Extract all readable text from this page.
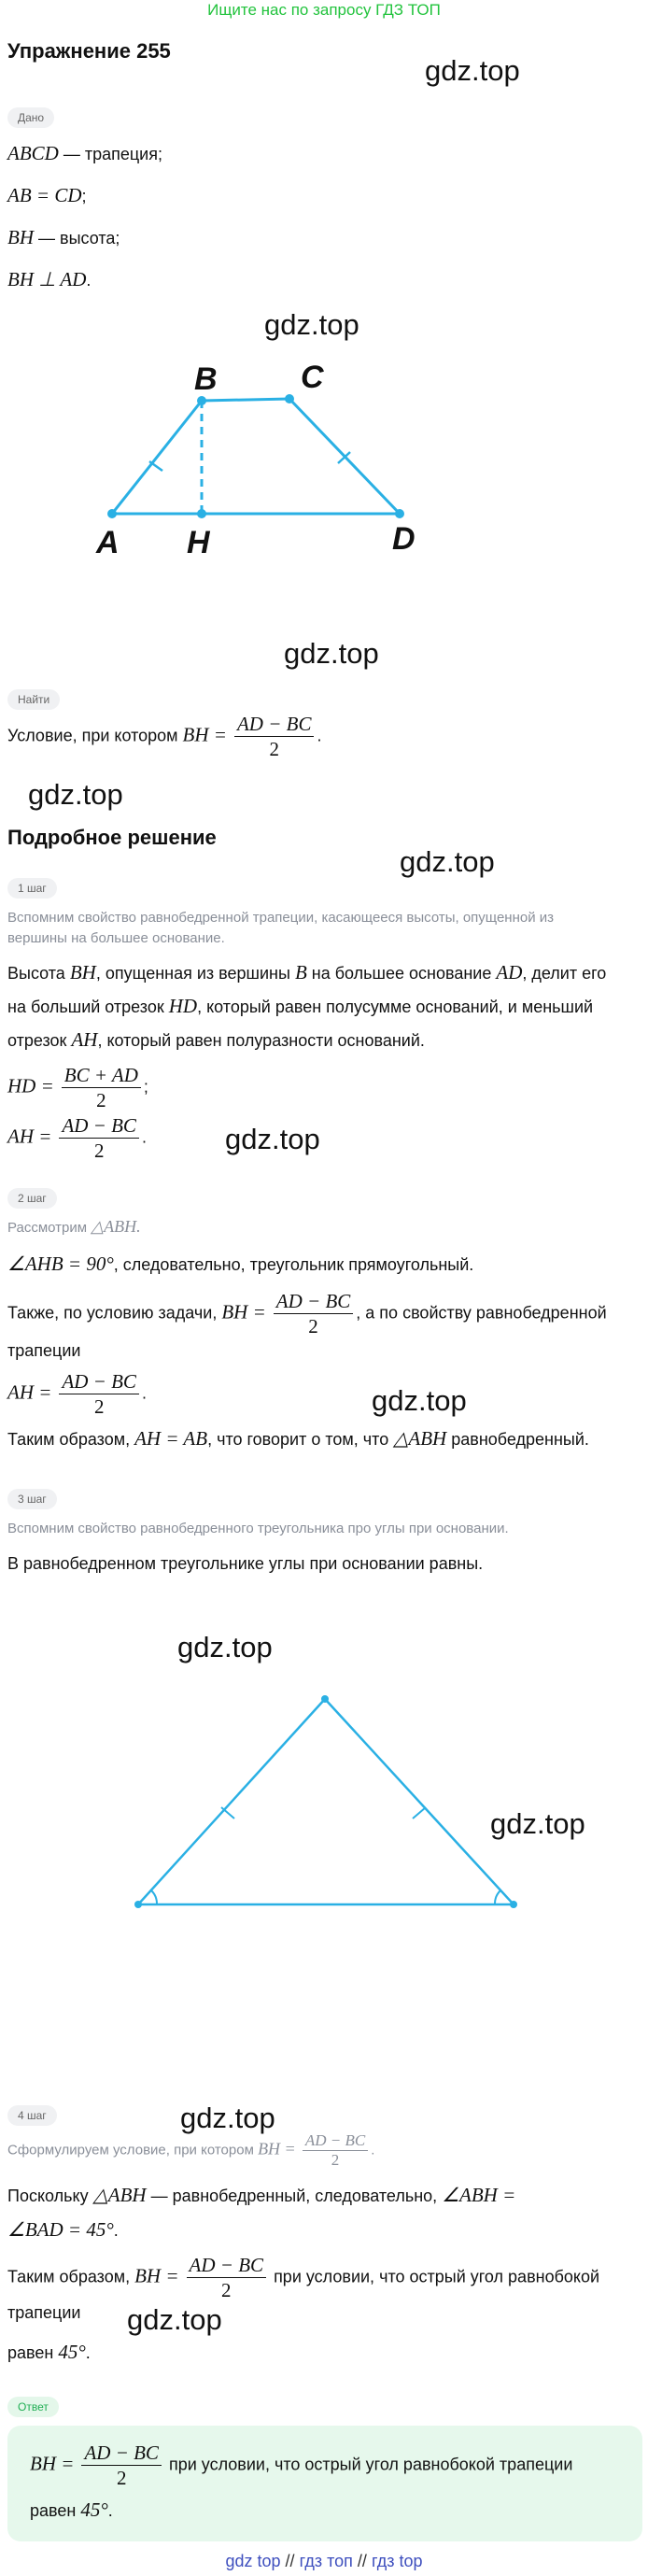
Ищите нас по запросу ГДЗ ТОП
Упражнение 255
gdz.top
gdz.top
gdz.top
gdz.top
gdz.top
gdz.top
gdz.top
gdz.top
gdz.top
gdz.top
gdz.top
Дано
ABCD — трапеция;
AB = CD;
BH — высота;
BH ⊥ AD.
B	C
A H	D
Найти
Условие, при котором BH = $\frac{AD - BC}{2}$ .
Подробное решение
1 шаг
Вспомним свойство равнобедренной трапеции, касающееся высоты, опущенной из
вершины на большее основание.
Высота BH, опущенная из вершины B на большее основание AD, делит его
на больший отрезок HD, который равен полусумме оснований, и меньший
отрезок AH, который равен полуразности оснований.
HD = $\frac{BC + AD}{2}$ ;
AH = $\frac{AD - BC}{2}$ .
2 шаг
Рассмотрим △ABH.
∠AHB = 90°, следовательно, треугольник прямоугольный.
Также, по условию задачи, BH = $\frac{AD - BC}{2}$ , а по свойству равнобедренной
трапеции
AH = $\frac{AD - BC}{2}$ .
Таким образом, AH = AB, что говорит о том, что △ABH равнобедренный.
3 шаг
Вспомним свойство равнобедренного треугольника про углы при основании.
В равнобедренном треугольнике углы при основании равны.
4 шаг
Сформулируем условие, при котором BH = $\frac{AD - BC}{2}$ .
Поскольку △ABH — равнобедренный, следовательно, ∠ABH =
∠BAD = 45°.
Таким образом, BH = $\frac{AD - BC}{2}$ при условии, что острый угол равнобокой
трапеции
равен 45°.
Ответ
BH = $\frac{AD - BC}{2}$ при условии, что острый угол равнобокой трапеции
равен 45°.
gdz top // гдз топ // гдз top
